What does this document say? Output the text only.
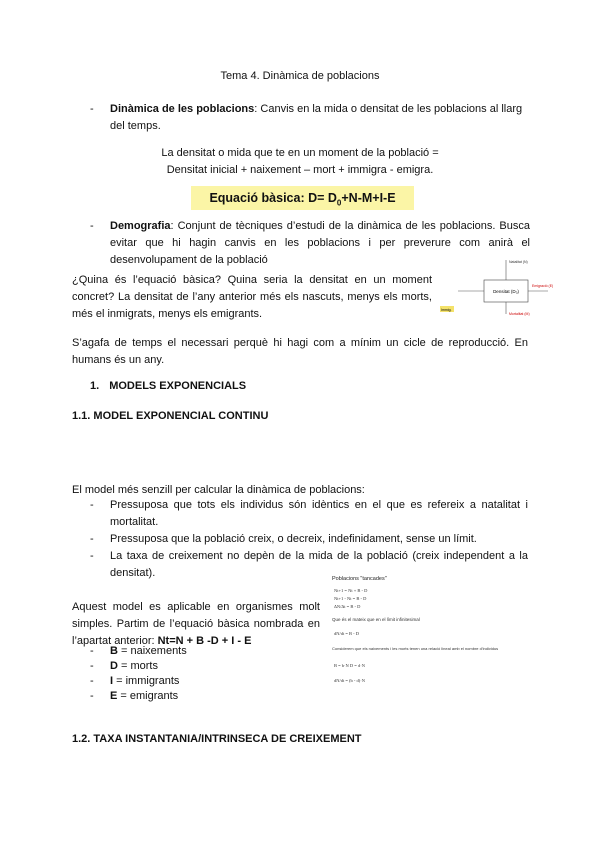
Tema 4. Dinàmica de poblacions
- Dinàmica de les poblacions: Canvis en la mida o densitat de les poblacions al llarg del temps.
La densitat o mida que te en un moment de la població =
Densitat inicial + naixement – mort + immigra - emigra.
Equació bàsica: $D= D_0+N-M+I-E$
- Demografia: Conjunt de tècniques d’estudi de la dinàmica de les poblacions. Busca evitar que hi hagin canvis en les poblacions i per preverure com anirà el desenvolupament de la població
¿Quina és l’equació bàsica? Quina seria la densitat en un moment concret? La densitat de l’any anterior més els nascuts, menys els morts, més el inmigrats, menys els emigrants.
Densitat (D₀)
Natalitat (N)
Emigració (E)
Immig.
Mortalitat (M)
S’agafa de temps el necessari perquè hi hagi com a mínim un cicle de reproducció. En humans és un any.
1. MODELS EXPONENCIALS
1.1. MODEL EXPONENCIAL CONTINU
El model més senzill per calcular la dinàmica de poblacions:
- Pressuposa que tots els individus són idèntics en el que es refereix a natalitat i mortalitat.
- Pressuposa que la població creix, o decreix, indefinidament, sense un límit.
- La taxa de creixement no depèn de la mida de la població (creix independent a la densitat).
Aquest model es aplicable en organismes molt simples. Partim de l’equació bàsica nombrada en l’apartat anterior: Nt=N + B -D + I - E
- B = naixements
- D = morts
- I = immigrants
- E = emigrants
Poblacions "tancades"
Nt+1 = Nt + B - D
Nt+1 - Nt = B - D
ΔN/Δt = B - D
Que és el mateix que en el límit infinitesimal
dN/dt = B - D
Considerem que els naixements i les morts tenen una relació lineal amb el nombre d'individus
B = b·N D = d·N
dN/dt = (b - d)·N
1.2. TAXA INSTANTANIA/INTRINSECA DE CREIXEMENT
